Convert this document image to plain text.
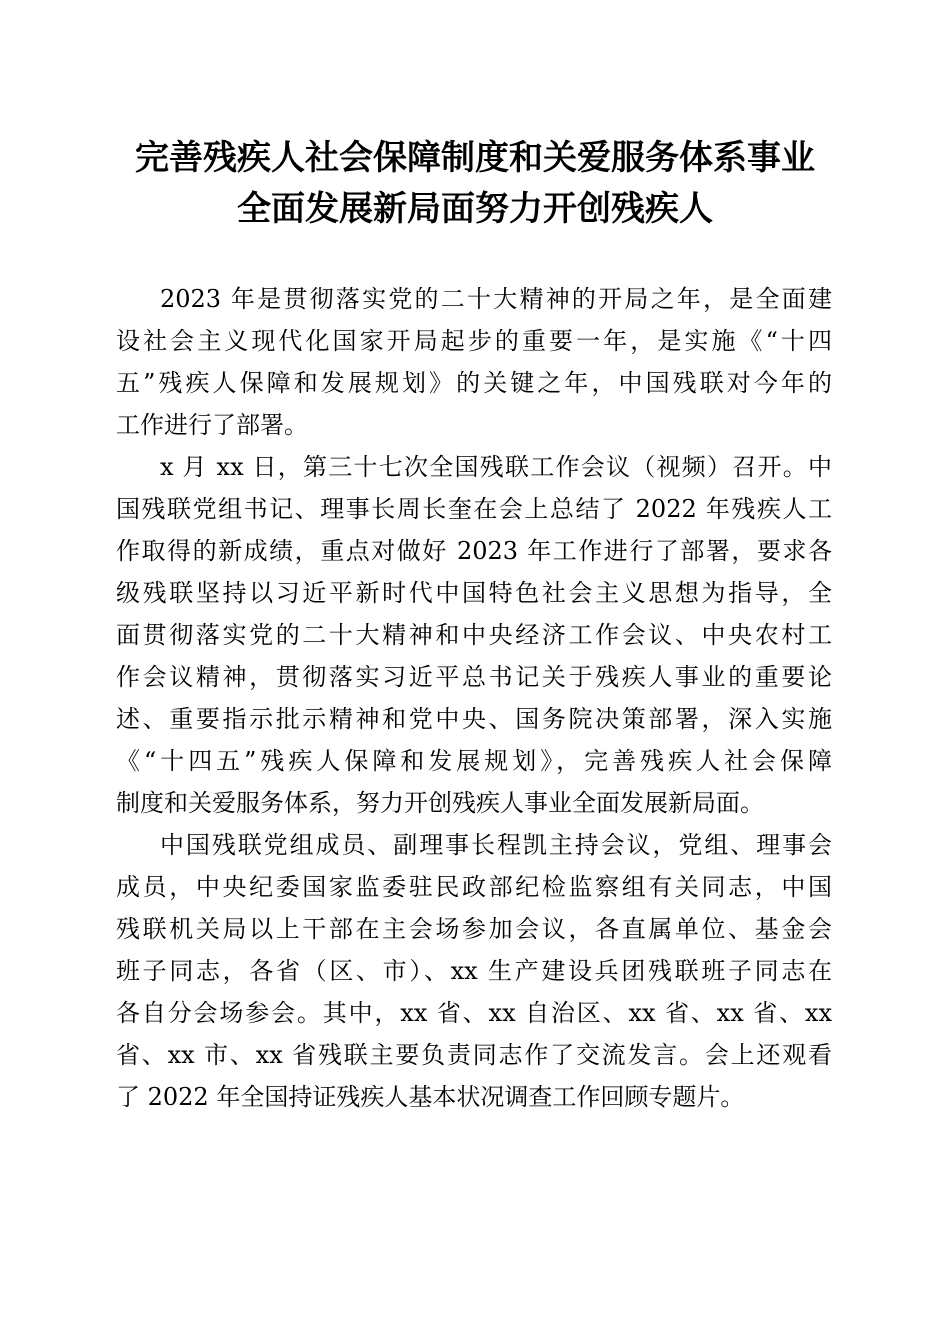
完善残疾人社会保障制度和关爱服务体系事业
全面发展新局面努力开创残疾人
2023 年是贯彻落实党的二十大精神的开局之年，是全面建
设社会主义现代化国家开局起步的重要一年，是实施《“十四
五”残疾人保障和发展规划》的关键之年，中国残联对今年的
工作进行了部署。
x 月 xx 日，第三十七次全国残联工作会议（视频）召开。中
国残联党组书记、理事长周长奎在会上总结了 2022 年残疾人工
作取得的新成绩，重点对做好 2023 年工作进行了部署，要求各
级残联坚持以习近平新时代中国特色社会主义思想为指导，全
面贯彻落实党的二十大精神和中央经济工作会议、中央农村工
作会议精神，贯彻落实习近平总书记关于残疾人事业的重要论
述、重要指示批示精神和党中央、国务院决策部署，深入实施
《“十四五”残疾人保障和发展规划》，完善残疾人社会保障
制度和关爱服务体系，努力开创残疾人事业全面发展新局面。
中国残联党组成员、副理事长程凯主持会议，党组、理事会
成员，中央纪委国家监委驻民政部纪检监察组有关同志，中国
残联机关局以上干部在主会场参加会议，各直属单位、基金会
班子同志，各省（区、市）、xx 生产建设兵团残联班子同志在
各自分会场参会。其中，xx 省、xx 自治区、xx 省、xx 省、xx
省、xx 市、xx 省残联主要负责同志作了交流发言。会上还观看
了 2022 年全国持证残疾人基本状况调查工作回顾专题片。
